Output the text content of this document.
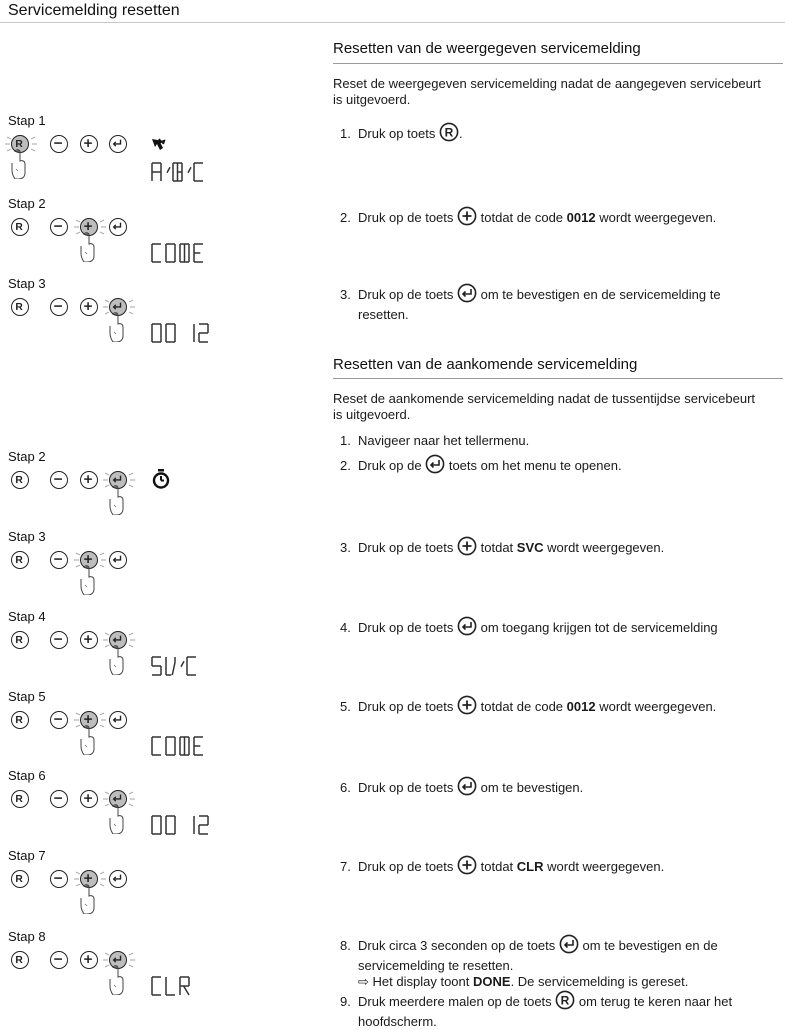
Servicemelding resetten
Resetten van de weergegeven servicemelding
Reset de weergegeven servicemelding nadat de aangegeven servicebeurt
is uitgevoerd.
1. Druk op toets R .
2. Druk op de toets totdat de code 0012 wordt weergegeven.
3. Druk op de toets om te bevestigen en de servicemelding te
resetten.
Resetten van de aankomende servicemelding
Reset de aankomende servicemelding nadat de tussentijdse servicebeurt
is uitgevoerd.
1. Navigeer naar het tellermenu.
2. Druk op de toets om het menu te openen.
3. Druk op de toets totdat SVC wordt weergegeven.
4. Druk op de toets om toegang krijgen tot de servicemelding
5. Druk op de toets totdat de code 0012 wordt weergegeven.
6. Druk op de toets om te bevestigen.
7. Druk op de toets totdat CLR wordt weergegeven.
8. Druk circa 3 seconden op de toets om te bevestigen en de
servicemelding te resetten.
⇨ Het display toont DONE. De servicemelding is gereset.
9. Druk meerdere malen op de toets R om terug te keren naar het
hoofdscherm.
Stap 1
R
Stap 2
R
Stap 3
R
Stap 2
R
Stap 3
R
Stap 4
R
Stap 5
R
Stap 6
R
Stap 7
R
Stap 8
R
